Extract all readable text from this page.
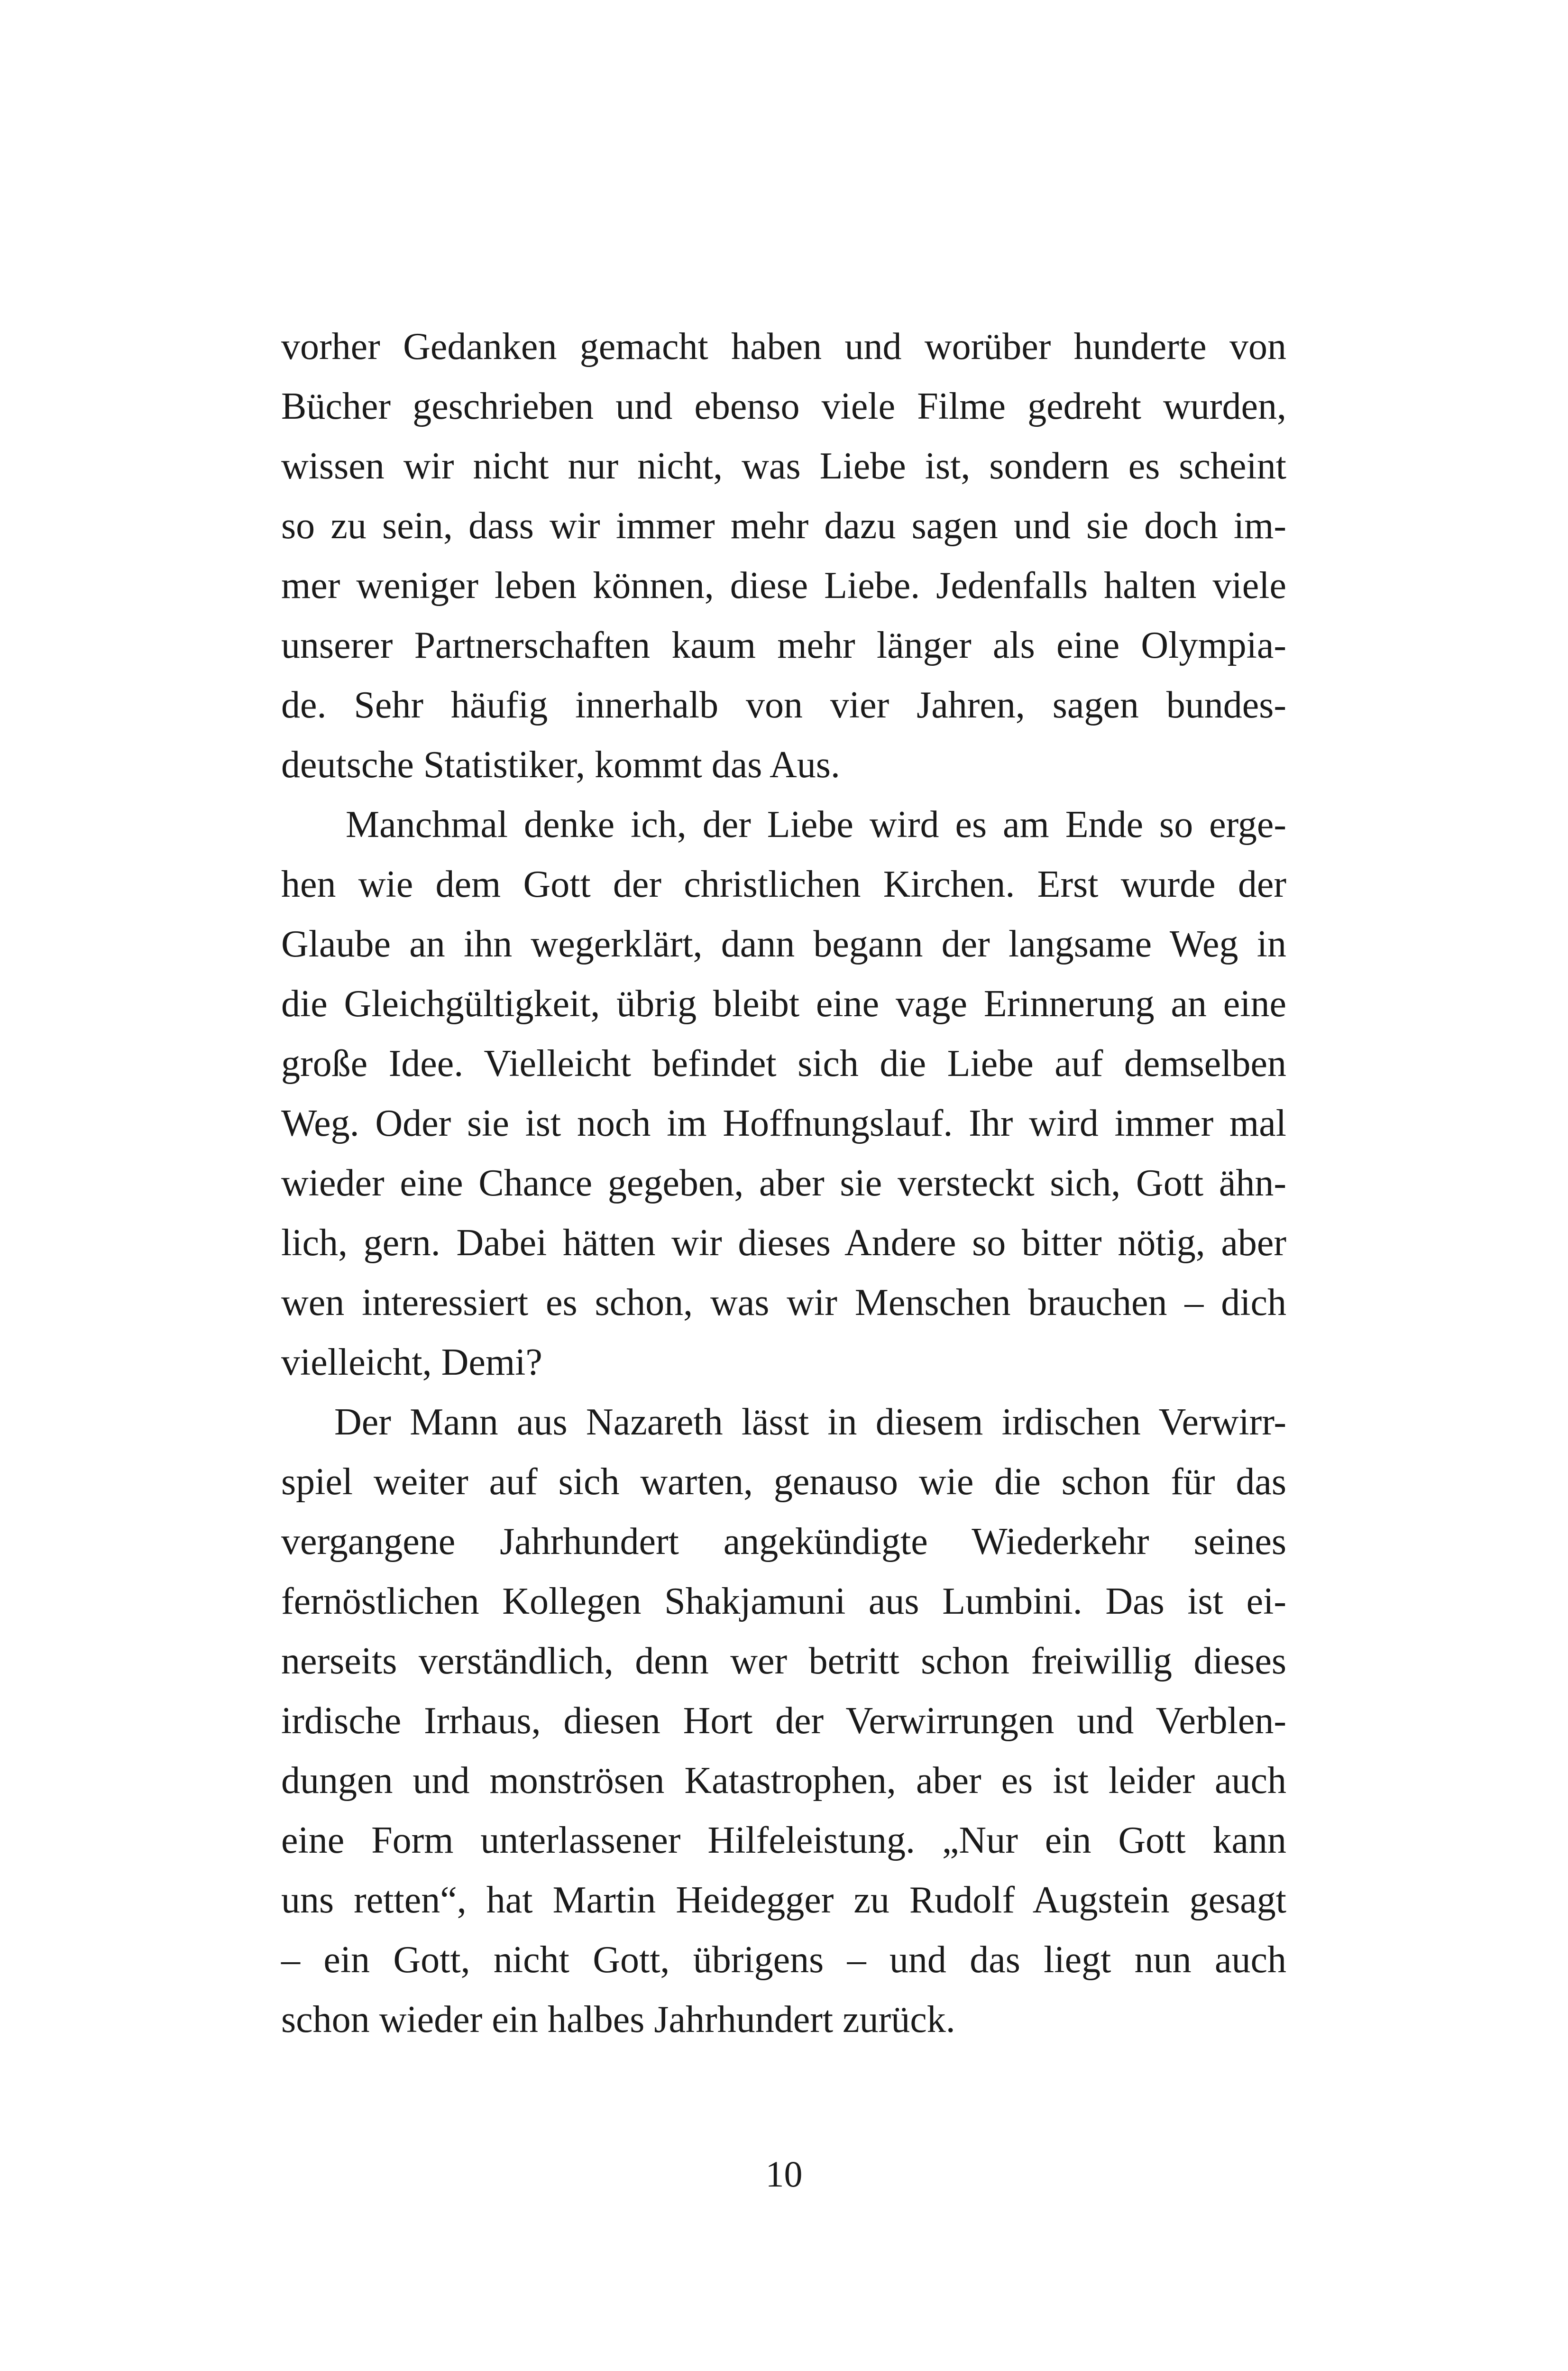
vorher Gedanken gemacht haben und worüber hunderte von
Bücher geschrieben und ebenso viele Filme gedreht wurden,
wissen wir nicht nur nicht, was Liebe ist, sondern es scheint
so zu sein, dass wir immer mehr dazu sagen und sie doch im-
mer weniger leben können, diese Liebe. Jedenfalls halten viele
unserer Partnerschaften kaum mehr länger als eine Olympia-
de. Sehr häufig innerhalb von vier Jahren, sagen bundes-
deutsche Statistiker, kommt das Aus.
Manchmal denke ich, der Liebe wird es am Ende so erge-
hen wie dem Gott der christlichen Kirchen. Erst wurde der
Glaube an ihn wegerklärt, dann begann der langsame Weg in
die Gleichgültigkeit, übrig bleibt eine vage Erinnerung an eine
große Idee. Vielleicht befindet sich die Liebe auf demselben
Weg. Oder sie ist noch im Hoffnungslauf. Ihr wird immer mal
wieder eine Chance gegeben, aber sie versteckt sich, Gott ähn-
lich, gern. Dabei hätten wir dieses Andere so bitter nötig, aber
wen interessiert es schon, was wir Menschen brauchen – dich
vielleicht, Demi?
Der Mann aus Nazareth lässt in diesem irdischen Verwirr-
spiel weiter auf sich warten, genauso wie die schon für das
vergangene Jahrhundert angekündigte Wiederkehr seines
fernöstlichen Kollegen Shakjamuni aus Lumbini. Das ist ei-
nerseits verständlich, denn wer betritt schon freiwillig dieses
irdische Irrhaus, diesen Hort der Verwirrungen und Verblen-
dungen und monströsen Katastrophen, aber es ist leider auch
eine Form unterlassener Hilfeleistung. „Nur ein Gott kann
uns retten“, hat Martin Heidegger zu Rudolf Augstein gesagt
– ein Gott, nicht Gott, übrigens – und das liegt nun auch
schon wieder ein halbes Jahrhundert zurück.
10
